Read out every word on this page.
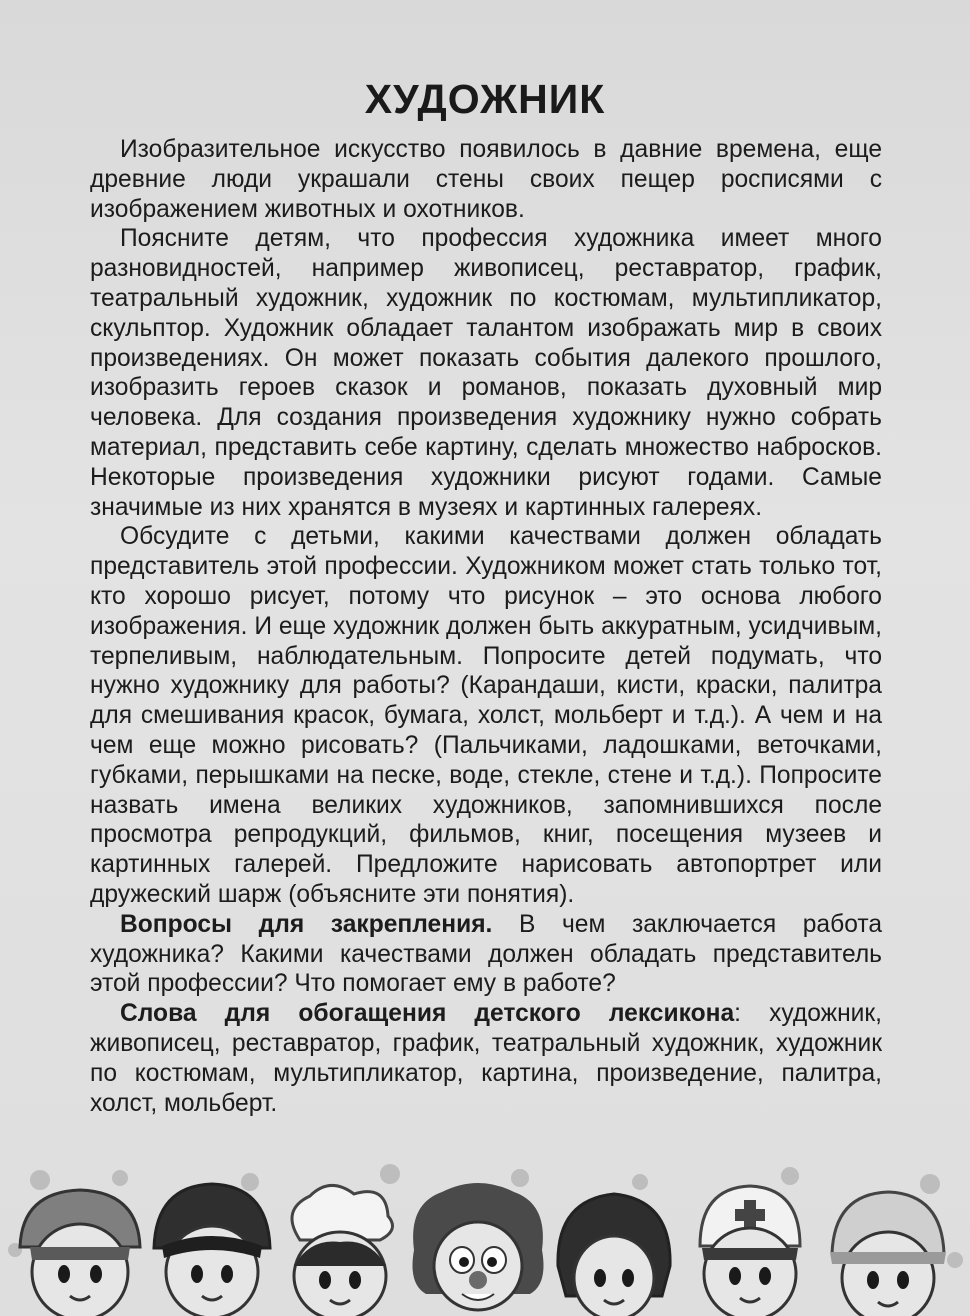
ХУДОЖНИК

Изобразительное искусство появилось в давние времена, еще древние люди украшали стены своих пещер росписями с изображением животных и охотников.

Поясните детям, что профессия художника имеет много разновидностей, например живописец, реставратор, график, театральный художник, художник по костюмам, мультипликатор, скульптор. Художник обладает талантом изображать мир в своих произведениях. Он может показать события далекого прошлого, изобразить героев сказок и романов, показать духовный мир человека. Для создания произведения художнику нужно собрать материал, представить себе картину, сделать множество набросков. Некоторые произведения художники рисуют годами. Самые значимые из них хранятся в музеях и картинных галереях.

Обсудите с детьми, какими качествами должен обладать представитель этой профессии. Художником может стать только тот, кто хорошо рисует, потому что рисунок – это основа любого изображения. И еще художник должен быть аккуратным, усидчивым, терпеливым, наблюдательным. Попросите детей подумать, что нужно художнику для работы? (Карандаши, кисти, краски, палитра для смешивания красок, бумага, холст, мольберт и т.д.). А чем и на чем еще можно рисовать? (Пальчиками, ладошками, веточками, губками, перышками на песке, воде, стекле, стене и т.д.). Попросите назвать имена великих художников, запомнившихся после просмотра репродукций, фильмов, книг, посещения музеев и картинных галерей. Предложите нарисовать автопортрет или дружеский шарж (объясните эти понятия).

Вопросы для закрепления. В чем заключается работа художника? Какими качествами должен обладать представитель этой профессии? Что помогает ему в работе?

Слова для обогащения детского лексикона: художник, живописец, реставратор, график, театральный художник, художник по костюмам, мультипликатор, картина, произведение, палитра, холст, мольберт.
